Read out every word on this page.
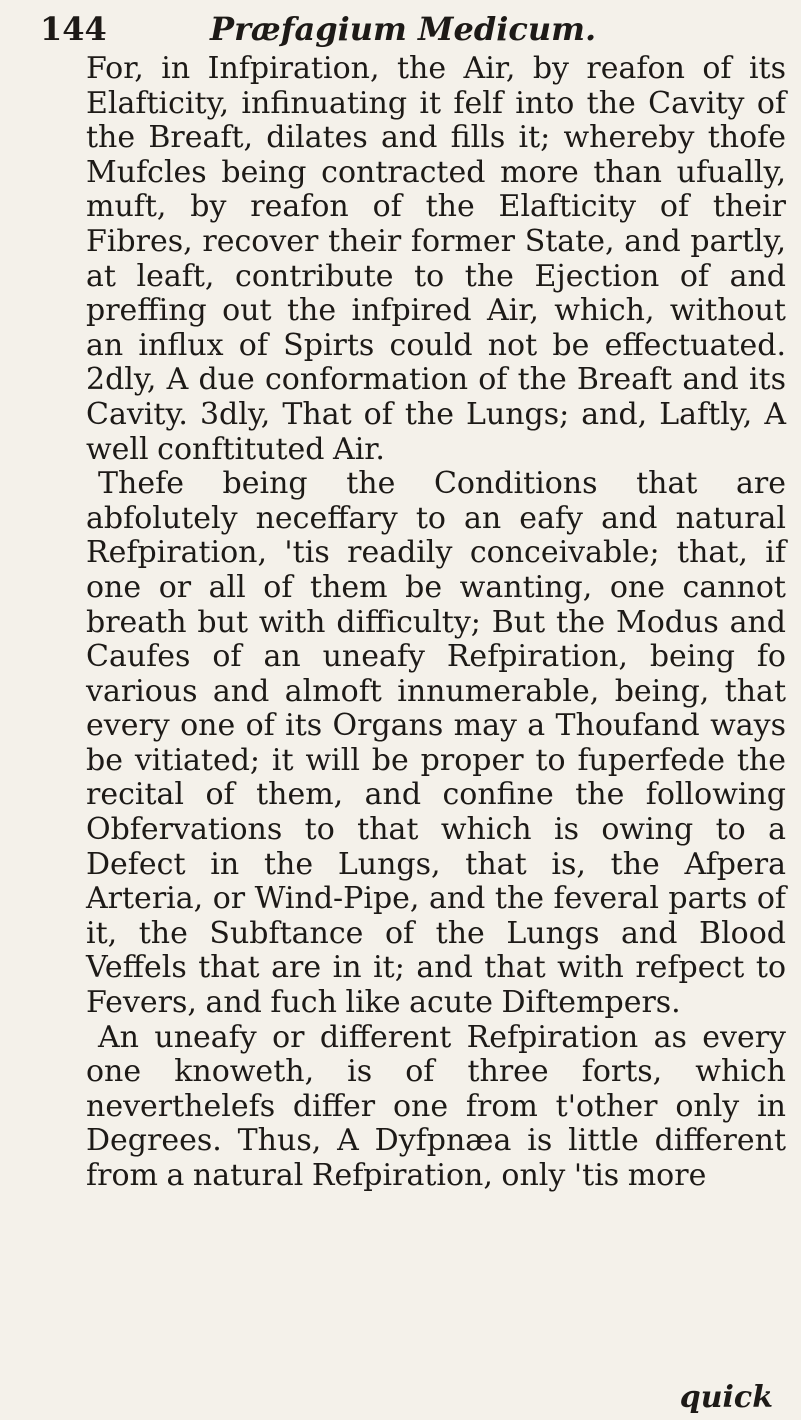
144	Præfagium Medicum.

For, in Infpiration, the Air, by reafon of its Elafticity, infinuating it felf into the Cavity of the Breaft, dilates and fills it; whereby thofe Mufcles being contracted more than ufually, muft, by reafon of the Elafticity of their Fibres, recover their former State, and partly, at leaft, contribute to the Ejection of and preffing out the infpired Air, which, without an influx of Spirts could not be effectuated. 2dly, A due conformation of the Breaft and its Cavity. 3dly, That of the Lungs; and, Laftly, A well conftituted Air.

Thefe being the Conditions that are abfolutely neceffary to an eafy and natural Refpiration, 'tis readily conceivable; that, if one or all of them be wanting, one cannot breath but with difficulty; But the Modus and Caufes of an uneafy Refpiration, being fo various and almoft innumerable, being, that every one of its Organs may a Thoufand ways be vitiated; it will be proper to fuperfede the recital of them, and confine the following Obfervations to that which is owing to a Defect in the Lungs, that is, the Afpera Arteria, or Wind-Pipe, and the feveral parts of it, the Subftance of the Lungs and Blood Veffels that are in it; and that with refpect to Fevers, and fuch like acute Diftempers.

An uneafy or different Refpiration as every one knoweth, is of three forts, which neverthelefs differ one from t'other only in Degrees. Thus, A Dyfpnæa is little different from a natural Refpiration, only 'tis more

quick
